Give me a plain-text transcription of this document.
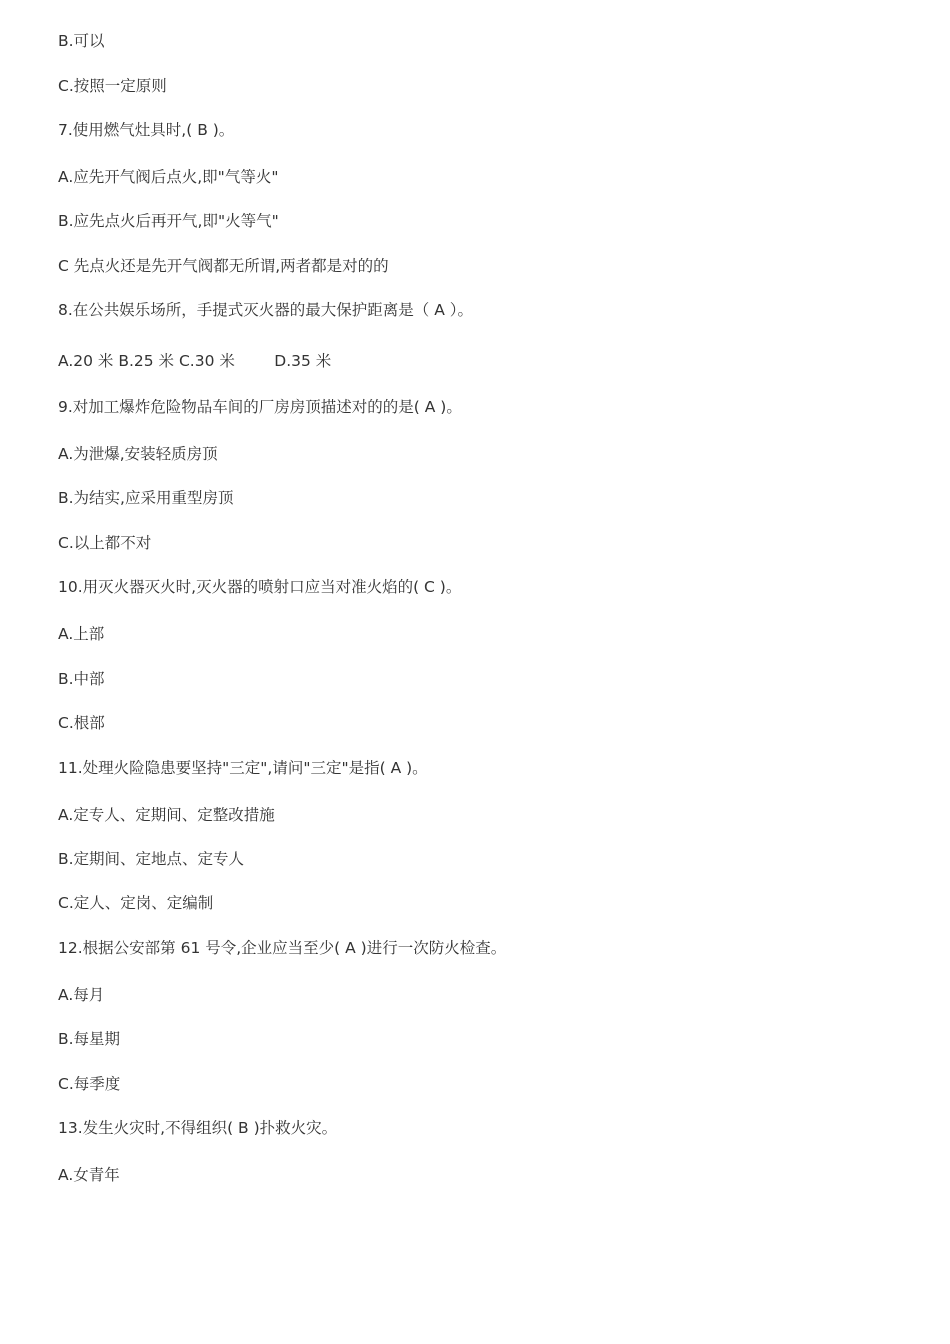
B.可以
C.按照一定原则
7.使用燃气灶具时,( B )。
A.应先开气阀后点火,即"气等火"
B.应先点火后再开气,即"火等气"
C 先点火还是先开气阀都无所谓,两者都是对的的
8.在公共娱乐场所，手提式灭火器的最大保护距离是（ A ）。
A.20 米 B.25 米 C.30 米        D.35 米
9.对加工爆炸危险物品车间的厂房房顶描述对的的是( A )。
A.为泄爆,安装轻质房顶
B.为结实,应采用重型房顶
C.以上都不对
10.用灭火器灭火时,灭火器的喷射口应当对准火焰的( C )。
A.上部
B.中部
C.根部
11.处理火险隐患要坚持"三定",请问"三定"是指( A )。
A.定专人、定期间、定整改措施
B.定期间、定地点、定专人
C.定人、定岗、定编制
12.根据公安部第 61 号令,企业应当至少( A )进行一次防火检查。
A.每月
B.每星期
C.每季度
13.发生火灾时,不得组织( B )扑救火灾。
A.女青年
